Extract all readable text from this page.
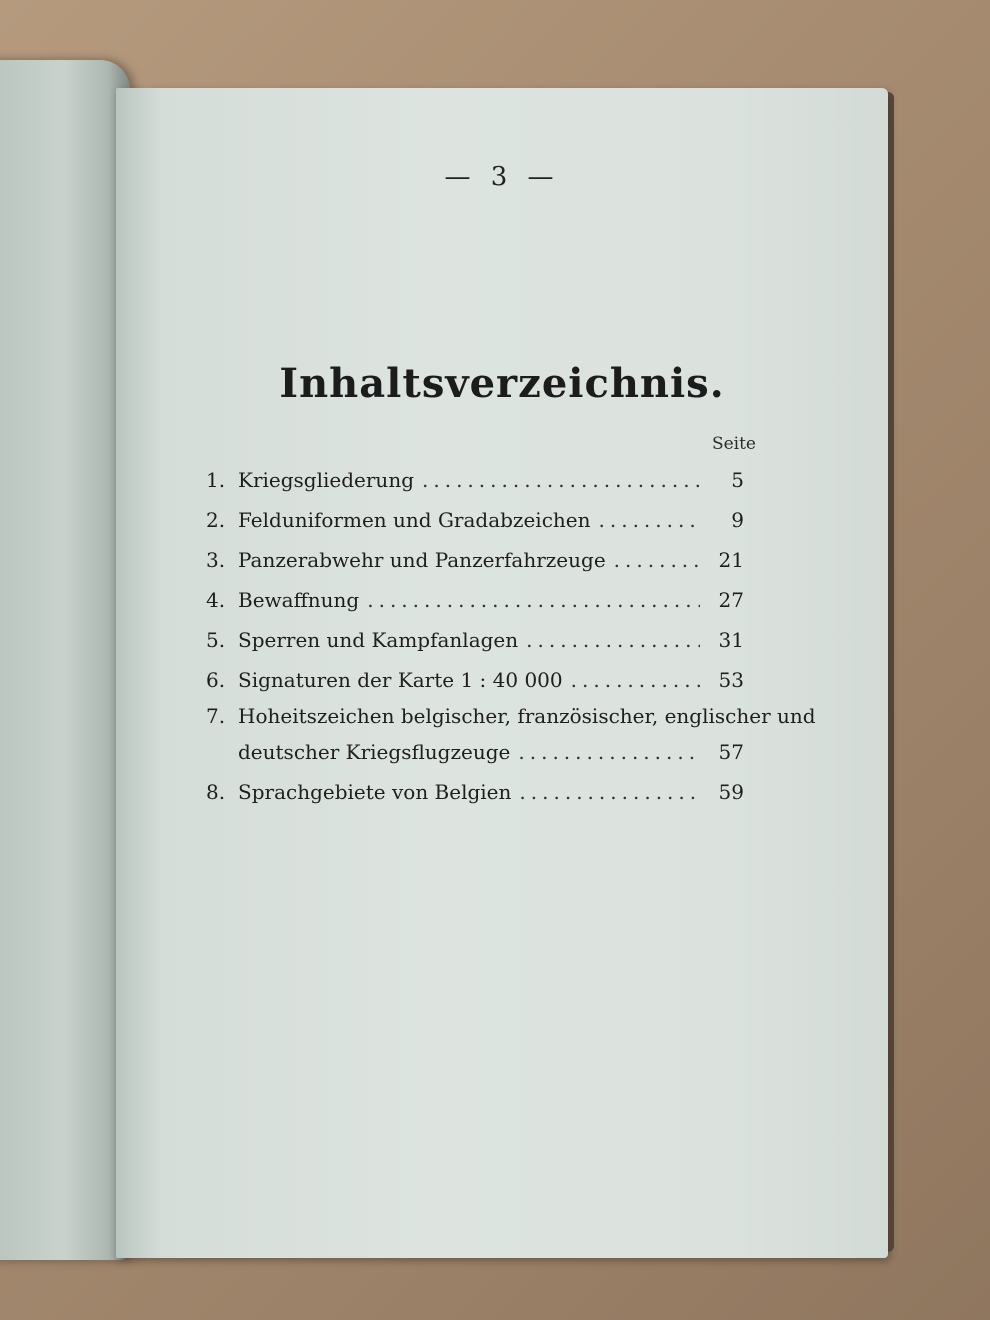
— 3 —
Inhaltsverzeichnis.
Seite
1. Kriegsgliederung .....	5
2. Felduniformen und Gradabzeichen .....	9
3. Panzerabwehr und Panzerfahrzeuge .....	21
4. Bewaffnung .....	27
5. Sperren und Kampfanlagen .....	31
6. Signaturen der Karte 1 : 40 000 .....	53
7. Hoheitszeichen belgischer, französischer, englischer und
deutscher Kriegsflugzeuge .....	57
8. Sprachgebiete von Belgien .....	59
